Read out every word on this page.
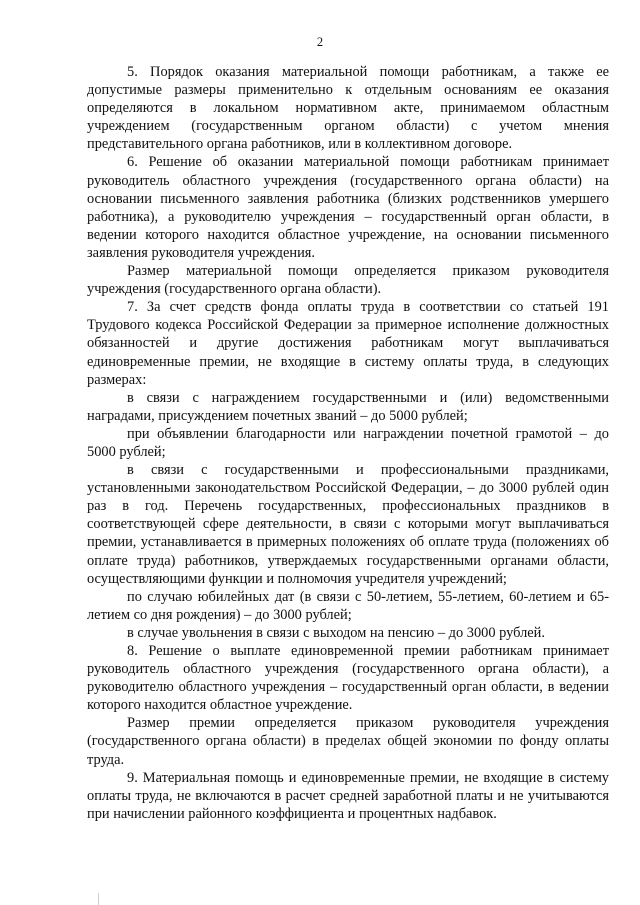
2

5. Порядок оказания материальной помощи работникам, а также ее допустимые размеры применительно к отдельным основаниям ее оказания определяются в локальном нормативном акте, принимаемом областным учреждением (государственным органом области) с учетом мнения представительного органа работников, или в коллективном договоре.

6. Решение об оказании материальной помощи работникам принимает руководитель областного учреждения (государственного органа области) на основании письменного заявления работника (близких родственников умершего работника), а руководителю учреждения – государственный орган области, в ведении которого находится областное учреждение, на основании письменного заявления руководителя учреждения.

Размер материальной помощи определяется приказом руководителя учреждения (государственного органа области).

7. За счет средств фонда оплаты труда в соответствии со статьей 191 Трудового кодекса Российской Федерации за примерное исполнение должностных обязанностей и другие достижения работникам могут выплачиваться единовременные премии, не входящие в систему оплаты труда, в следующих размерах:

в связи с награждением государственными и (или) ведомственными наградами, присуждением почетных званий – до 5000 рублей;

при объявлении благодарности или награждении почетной грамотой – до 5000 рублей;

в связи с государственными и профессиональными праздниками, установленными законодательством Российской Федерации, – до 3000 рублей один раз в год. Перечень государственных, профессиональных праздников в соответствующей сфере деятельности, в связи с которыми могут выплачиваться премии, устанавливается в примерных положениях об оплате труда (положениях об оплате труда) работников, утверждаемых государственными органами области, осуществляющими функции и полномочия учредителя учреждений;

по случаю юбилейных дат (в связи с 50-летием, 55-летием, 60-летием и 65-летием со дня рождения) – до 3000 рублей;

в случае увольнения в связи с выходом на пенсию – до 3000 рублей.

8. Решение о выплате единовременной премии работникам принимает руководитель областного учреждения (государственного органа области), а руководителю областного учреждения – государственный орган области, в ведении которого находится областное учреждение.

Размер премии определяется приказом руководителя учреждения (государственного органа области) в пределах общей экономии по фонду оплаты труда.

9. Материальная помощь и единовременные премии, не входящие в систему оплаты труда, не включаются в расчет средней заработной платы и не учитываются при начислении районного коэффициента и процентных надбавок.
